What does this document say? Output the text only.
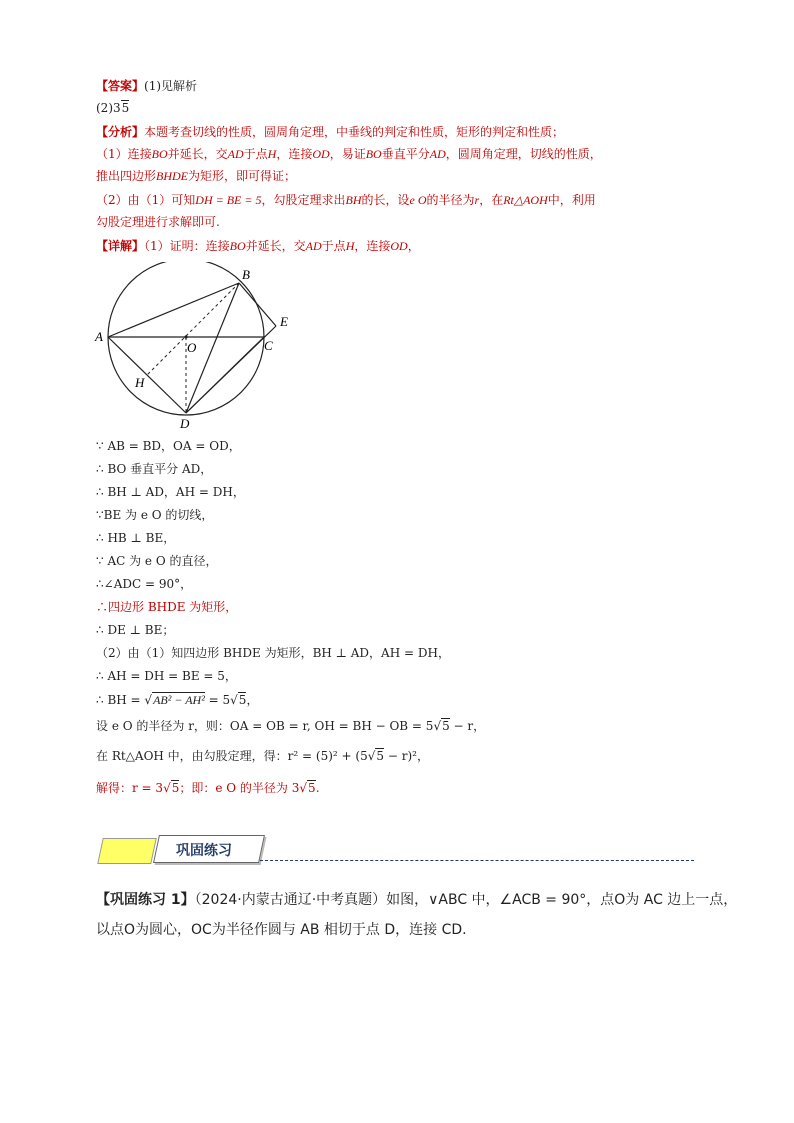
【答案】(1)见解析
(2)35
【分析】本题考查切线的性质，圆周角定理，中垂线的判定和性质，矩形的判定和性质；
（1）连接BO并延长，交AD于点H，连接OD，易证BO垂直平分AD，圆周角定理，切线的性质，
推出四边形BHDE为矩形，即可得证；
（2）由（1）可知DH = BE = 5，勾股定理求出BH的长，设e O的半径为r，在Rt△AOH中，利用
勾股定理进行求解即可.
【详解】（1）证明：连接BO并延长，交AD于点H，连接OD，
A
B
C
D
E
O
H
∵ AB = BD，OA = OD，
∴ BO 垂直平分 AD，
∴ BH ⊥ AD，AH = DH，
∵BE 为 e O 的切线，
∴ HB ⊥ BE，
∵ AC 为 e O 的直径，
∴∠ADC = 90°，
∴四边形 BHDE 为矩形，
∴ DE ⊥ BE；
（2）由（1）知四边形 BHDE 为矩形，BH ⊥ AD，AH = DH，
∴ AH = DH = BE = 5，
∴ BH = √AB² − AH² = 5√5，
设 e O 的半径为 r，则：OA = OB = r, OH = BH − OB = 5√5 − r，
在 Rt△AOH 中，由勾股定理，得：r² = (5)² + (5√5 − r)²，
解得：r = 3√5；即：e O 的半径为 3√5.
巩固练习
【巩固练习 1】（2024·内蒙古通辽·中考真题）如图，∨ABC 中，∠ACB = 90°，点O为 AC 边上一点，
以点O为圆心，OC为半径作圆与 AB 相切于点 D，连接 CD.
